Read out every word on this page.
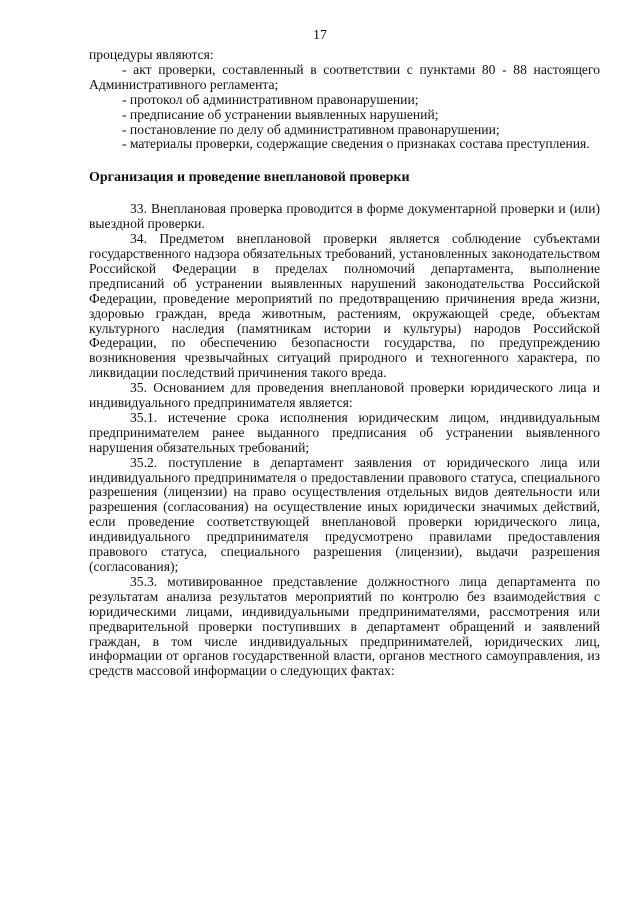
17

процедуры являются:

- акт проверки, составленный в соответствии с пунктами 80 - 88 настоящего Административного регламента;

- протокол об административном правонарушении;

- предписание об устранении выявленных нарушений;

- постановление по делу об административном правонарушении;

- материалы проверки, содержащие сведения о признаках состава преступления.

Организация и проведение внеплановой проверки

33. Внеплановая проверка проводится в форме документарной проверки и (или) выездной проверки.

34. Предметом внеплановой проверки является соблюдение субъектами государственного надзора обязательных требований, установленных законодательством Российской Федерации в пределах полномочий департамента, выполнение предписаний об устранении выявленных нарушений законодательства Российской Федерации, проведение мероприятий по предотвращению причинения вреда жизни, здоровью граждан, вреда животным, растениям, окружающей среде, объектам культурного наследия (памятникам истории и культуры) народов Российской Федерации, по обеспечению безопасности государства, по предупреждению возникновения чрезвычайных ситуаций природного и техногенного характера, по ликвидации последствий причинения такого вреда.

35. Основанием для проведения внеплановой проверки юридического лица и индивидуального предпринимателя является:

35.1. истечение срока исполнения юридическим лицом, индивидуальным предпринимателем ранее выданного предписания об устранении выявленного нарушения обязательных требований;

35.2. поступление в департамент заявления от юридического лица или индивидуального предпринимателя о предоставлении правового статуса, специального разрешения (лицензии) на право осуществления отдельных видов деятельности или разрешения (согласования) на осуществление иных юридически значимых действий, если проведение соответствующей внеплановой проверки юридического лица, индивидуального предпринимателя предусмотрено правилами предоставления правового статуса, специального разрешения (лицензии), выдачи разрешения (согласования);

35.3. мотивированное представление должностного лица департамента по результатам анализа результатов мероприятий по контролю без взаимодействия с юридическими лицами, индивидуальными предпринимателями, рассмотрения или предварительной проверки поступивших в департамент обращений и заявлений граждан, в том числе индивидуальных предпринимателей, юридических лиц, информации от органов государственной власти, органов местного самоуправления, из средств массовой информации о следующих фактах:
